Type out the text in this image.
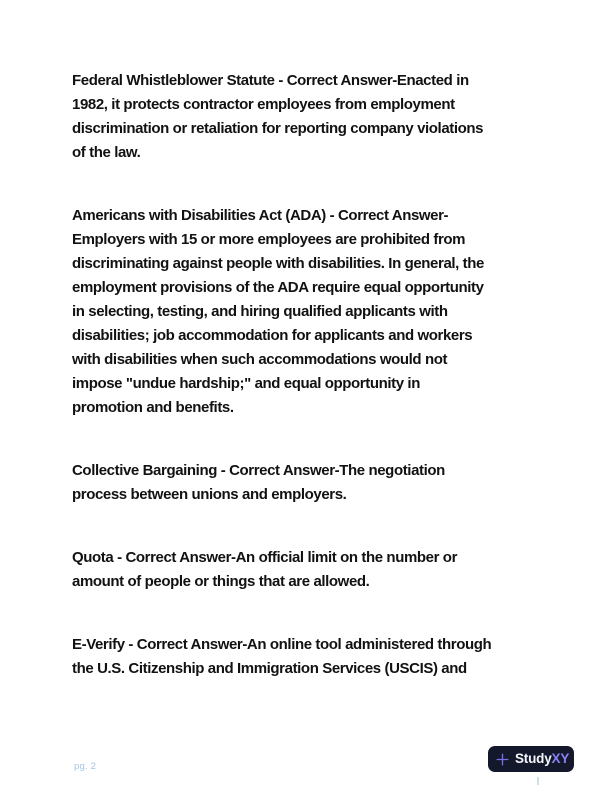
Federal Whistleblower Statute - Correct Answer-Enacted in
1982, it protects contractor employees from employment
discrimination or retaliation for reporting company violations
of the law.
Americans with Disabilities Act (ADA) - Correct Answer-
Employers with 15 or more employees are prohibited from
discriminating against people with disabilities. In general, the
employment provisions of the ADA require equal opportunity
in selecting, testing, and hiring qualified applicants with
disabilities; job accommodation for applicants and workers
with disabilities when such accommodations would not
impose "undue hardship;" and equal opportunity in
promotion and benefits.
Collective Bargaining - Correct Answer-The negotiation
process between unions and employers.
Quota - Correct Answer-An official limit on the number or
amount of people or things that are allowed.
E-Verify - Correct Answer-An online tool administered through
the U.S. Citizenship and Immigration Services (USCIS) and
pg. 2
StudyXY
